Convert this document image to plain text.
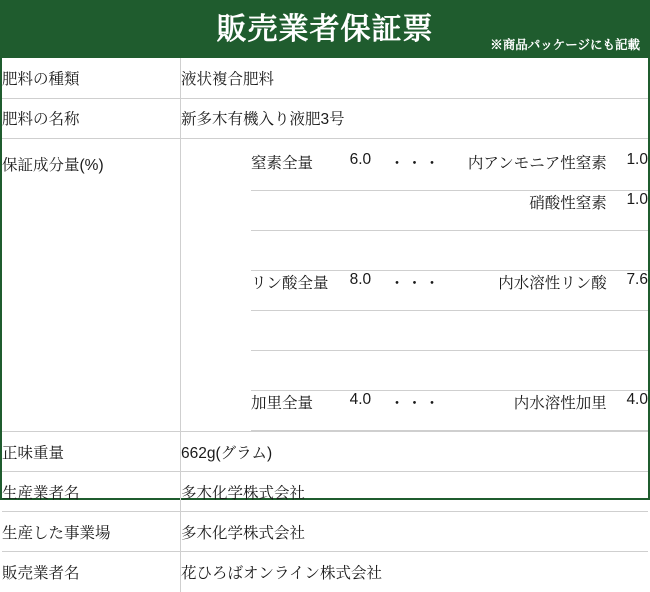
販売業者保証票	※商品パッケージにも記載
肥料の種類	液状複合肥料
肥料の名称	新多木有機入り液肥3号
保証成分量(%)		窒素全量	6.0	・・・	内アンモニア性窒素	1.0
			硝酸性窒素	1.0

リン酸全量	8.0	・・・	内水溶性リン酸	7.6

加里全量	4.0	・・・	内水溶性加里	4.0

正味重量	662g(グラム)
生産業者名	多木化学株式会社
生産した事業場	多木化学株式会社
販売業者名	花ひろばオンライン株式会社
